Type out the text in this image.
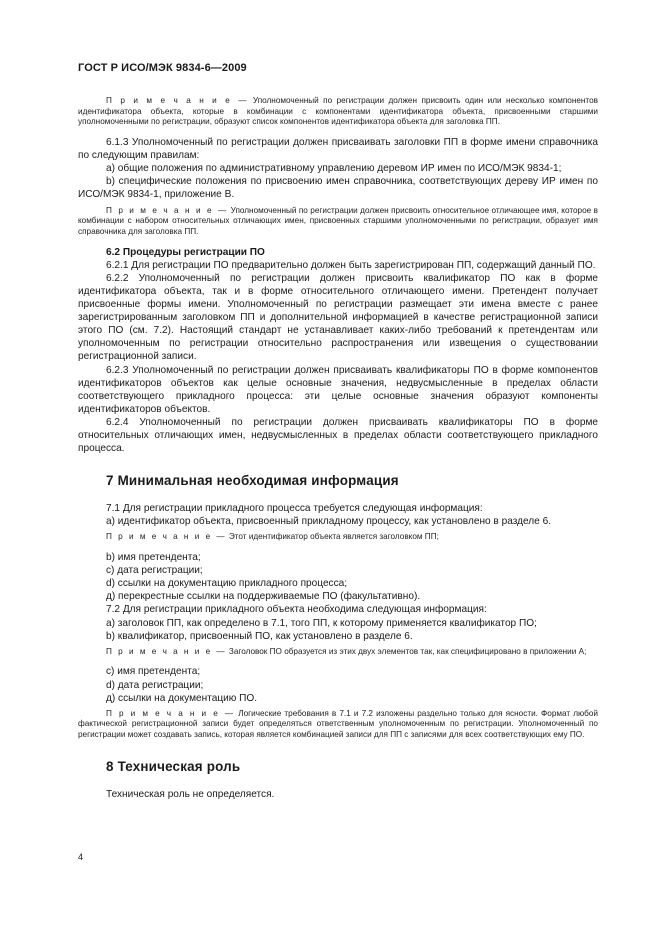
ГОСТ Р ИСО/МЭК 9834-6—2009

П р и м е ч а н и е — Уполномоченный по регистрации должен присвоить один или несколько компонентов идентификатора объекта, которые в комбинации с компонентами идентификатора объекта, присвоенными старшими уполномоченными по регистрации, образуют список компонентов идентификатора объекта для заголовка ПП.

6.1.3 Уполномоченный по регистрации должен присваивать заголовки ПП в форме имени справочника по следующим правилам:

а) общие положения по административному управлению деревом ИР имен по ИСО/МЭК 9834-1;

b) специфические положения по присвоению имен справочника, соответствующих дереву ИР имен по ИСО/МЭК 9834-1, приложение В.

П р и м е ч а н и е — Уполномоченный по регистрации должен присвоить относительное отличающее имя, которое в комбинации с набором относительных отличающих имен, присвоенных старшими уполномоченными по регистрации, образует имя справочника для заголовка ПП.

6.2 Процедуры регистрации ПО

6.2.1 Для регистрации ПО предварительно должен быть зарегистрирован ПП, содержащий данный ПО.

6.2.2 Уполномоченный по регистрации должен присвоить квалификатор ПО как в форме идентификатора объекта, так и в форме относительного отличающего имени. Претендент получает присвоенные формы имени. Уполномоченный по регистрации размещает эти имена вместе с ранее зарегистрированным заголовком ПП и дополнительной информацией в качестве регистрационной записи этого ПО (см. 7.2). Настоящий стандарт не устанавливает каких-либо требований к претендентам или уполномоченным по регистрации относительно распространения или извещения о существовании регистрационной записи.

6.2.3 Уполномоченный по регистрации должен присваивать квалификаторы ПО в форме компонентов идентификаторов объектов как целые основные значения, недвусмысленные в пределах области соответствующего прикладного процесса: эти целые основные значения образуют компоненты идентификаторов объектов.

6.2.4 Уполномоченный по регистрации должен присваивать квалификаторы ПО в форме относительных отличающих имен, недвусмысленных в пределах области соответствующего прикладного процесса.

7 Минимальная необходимая информация

7.1 Для регистрации прикладного процесса требуется следующая информация:

а) идентификатор объекта, присвоенный прикладному процессу, как установлено в разделе 6.

П р и м е ч а н и е — Этот идентификатор объекта является заголовком ПП;

b) имя претендента;

c) дата регистрации;

d) ссылки на документацию прикладного процесса;

д) перекрестные ссылки на поддерживаемые ПО (факультативно).

7.2 Для регистрации прикладного объекта необходима следующая информация:

а) заголовок ПП, как определено в 7.1, того ПП, к которому применяется квалификатор ПО;

b) квалификатор, присвоенный ПО, как установлено в разделе 6.

П р и м е ч а н и е — Заголовок ПО образуется из этих двух элементов так, как специфицировано в приложении А;

c) имя претендента;

d) дата регистрации;

д) ссылки на документацию ПО.

П р и м е ч а н и е — Логические требования в 7.1 и 7.2 изложены раздельно только для ясности. Формат любой фактической регистрационной записи будет определяться ответственным уполномоченным по регистрации. Уполномоченный по регистрации может создавать запись, которая является комбинацией записи для ПП с записями для всех соответствующих ему ПО.

8 Техническая роль

Техническая роль не определяется.

4
